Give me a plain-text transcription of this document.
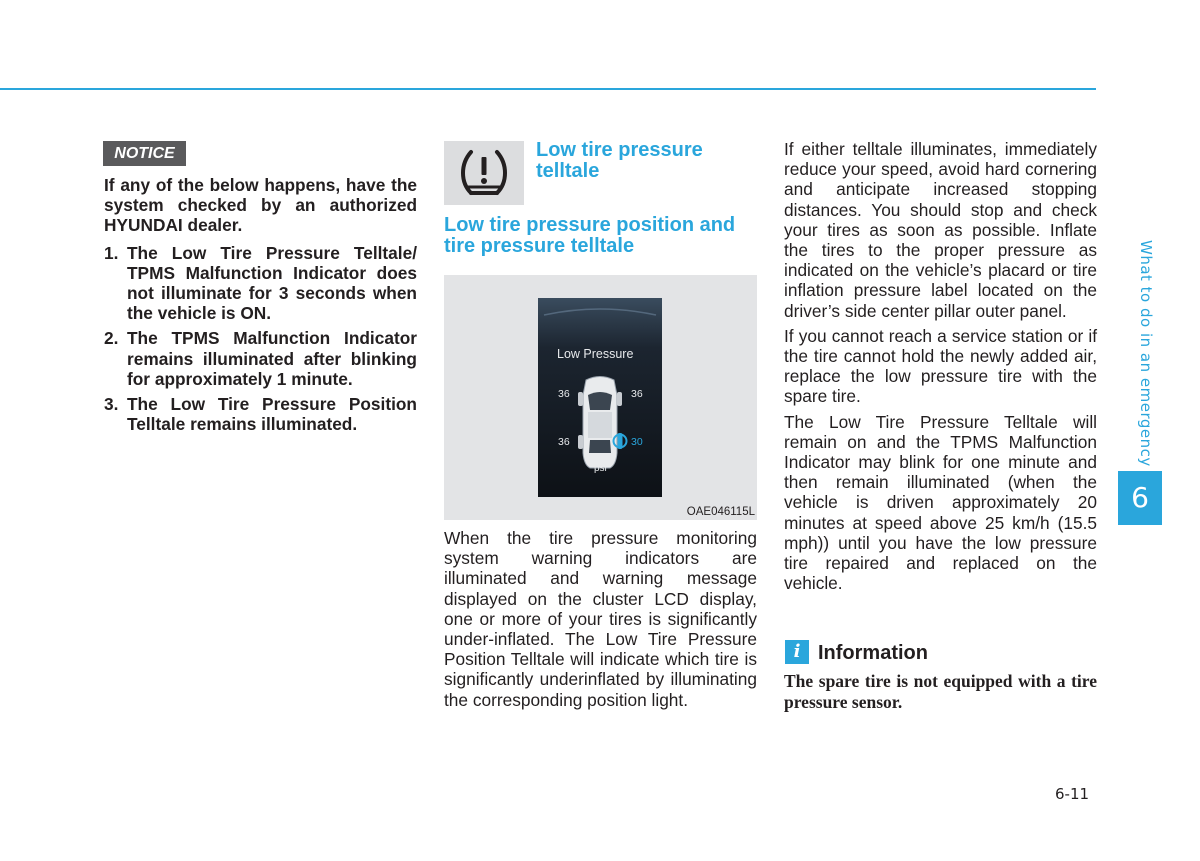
What to do in an emergency
6
NOTICE

If any of the below happens, have the system checked by an authorized HYUNDAI dealer.

1. The Low Tire Pressure Telltale/ TPMS Malfunction Indicator does not illuminate for 3 seconds when the vehicle is ON.
2. The TPMS Malfunction Indicator remains illuminated after blinking for approximately 1 minute.
3. The Low Tire Pressure Position Telltale remains illuminated.
Low tire pressure telltale
Low tire pressure position and tire pressure telltale
Low Pressure
36	36
36	30
psi
OAE046115L

When the tire pressure monitoring system warning indicators are illuminated and warning message displayed on the cluster LCD display, one or more of your tires is significantly under-inflated. The Low Tire Pressure Position Telltale will indicate which tire is significantly underinflated by illuminating the corresponding position light.

If either telltale illuminates, immediately reduce your speed, avoid hard cornering and anticipate increased stopping distances. You should stop and check your tires as soon as possible. Inflate the tires to the proper pressure as indicated on the vehicle’s placard or tire inflation pressure label located on the driver’s side center pillar outer panel.

If you cannot reach a service station or if the tire cannot hold the newly added air, replace the low pressure tire with the spare tire.

The Low Tire Pressure Telltale will remain on and the TPMS Malfunction Indicator may blink for one minute and then remain illuminated (when the vehicle is driven approximately 20 minutes at speed above 25 km/h (15.5 mph)) until you have the low pressure tire repaired and replaced on the vehicle.

i Information

The spare tire is not equipped with a tire pressure sensor.

6-11
